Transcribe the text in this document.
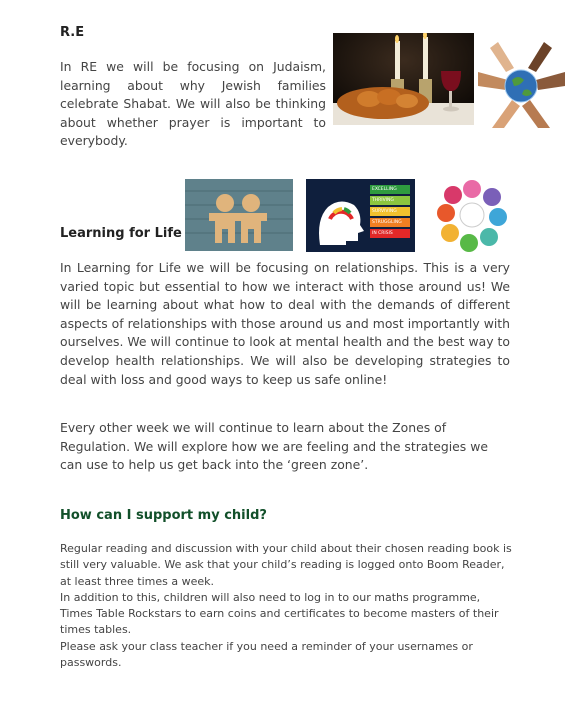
R.E

In RE we will be focusing on Judaism, learning about why Jewish families celebrate Shabat. We will also be thinking about whether prayer is important to everybody.

EXCELLING
THRIVING
SURVIVING
STRUGGLING
IN CRISIS
Learning for Life

In Learning for Life we will be focusing on relationships. This is a very varied topic but essential to how we interact with those around us! We will be learning about what how to deal with the demands of different aspects of relationships with those around us and most importantly with ourselves. We will continue to look at mental health and the best way to develop health relationships. We will also be developing strategies to deal with loss and good ways to keep us safe online!

Every other week we will continue to learn about the Zones of Regulation. We will explore how we are feeling and the strategies we can use to help us get back into the ‘green zone’.

How can I support my child?

Regular reading and discussion with your child about their chosen reading book is still very valuable. We ask that your child’s reading is logged onto Boom Reader, at least three times a week.

In addition to this, children will also need to log in to our maths programme, Times Table Rockstars to earn coins and certificates to become masters of their times tables.

Please ask your class teacher if you need a reminder of your usernames or passwords.
